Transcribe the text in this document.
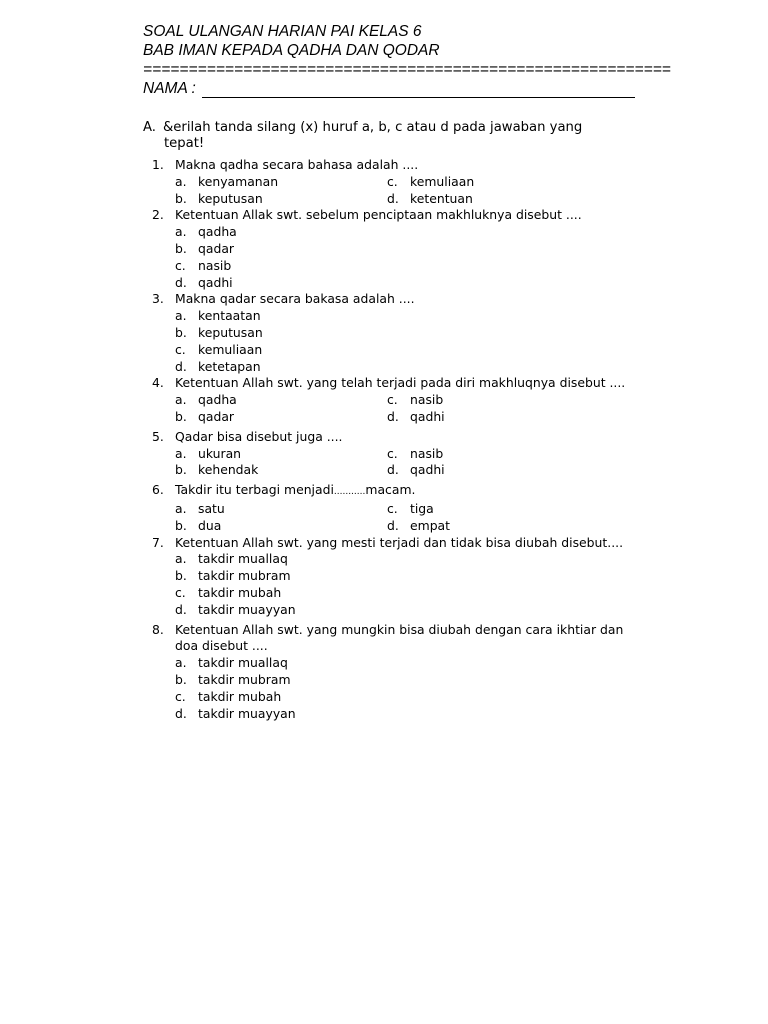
SOAL ULANGAN HARIAN PAI KELAS 6
BAB IMAN KEPADA QADHA DAN QODAR
==========================================================
NAMA :
A. &erilah tanda silang (x) huruf a, b, c atau d pada jawaban yang
tepat!
1. Makna qadha secara bahasa adalah ....
a. kenyamanan	c. kemuliaan
b. keputusan	d. ketentuan
2. Ketentuan Allak swt. sebelum penciptaan makhluknya disebut ....
a. qadha
b. qadar
c. nasib
d. qadhi
3. Makna qadar secara bakasa adalah ....
a. kentaatan
b. keputusan
c. kemuliaan
d. ketetapan
4. Ketentuan Allah swt. yang telah terjadi pada diri makhluqnya disebut ....
a. qadha	c. nasib
b. qadar	d. qadhi
5. Qadar bisa disebut juga ....
a. ukuran	c. nasib
b. kehendak	d. qadhi
6. Takdir itu terbagi menjadi...........macam.
a. satu	c. tiga
b. dua	d. empat
7. Ketentuan Allah swt. yang mesti terjadi dan tidak bisa diubah disebut....
a. takdir muallaq
b. takdir mubram
c. takdir mubah
d. takdir muayyan
8. Ketentuan Allah swt. yang mungkin bisa diubah dengan cara ikhtiar dan
doa disebut ....
a. takdir muallaq
b. takdir mubram
c. takdir mubah
d. takdir muayyan
